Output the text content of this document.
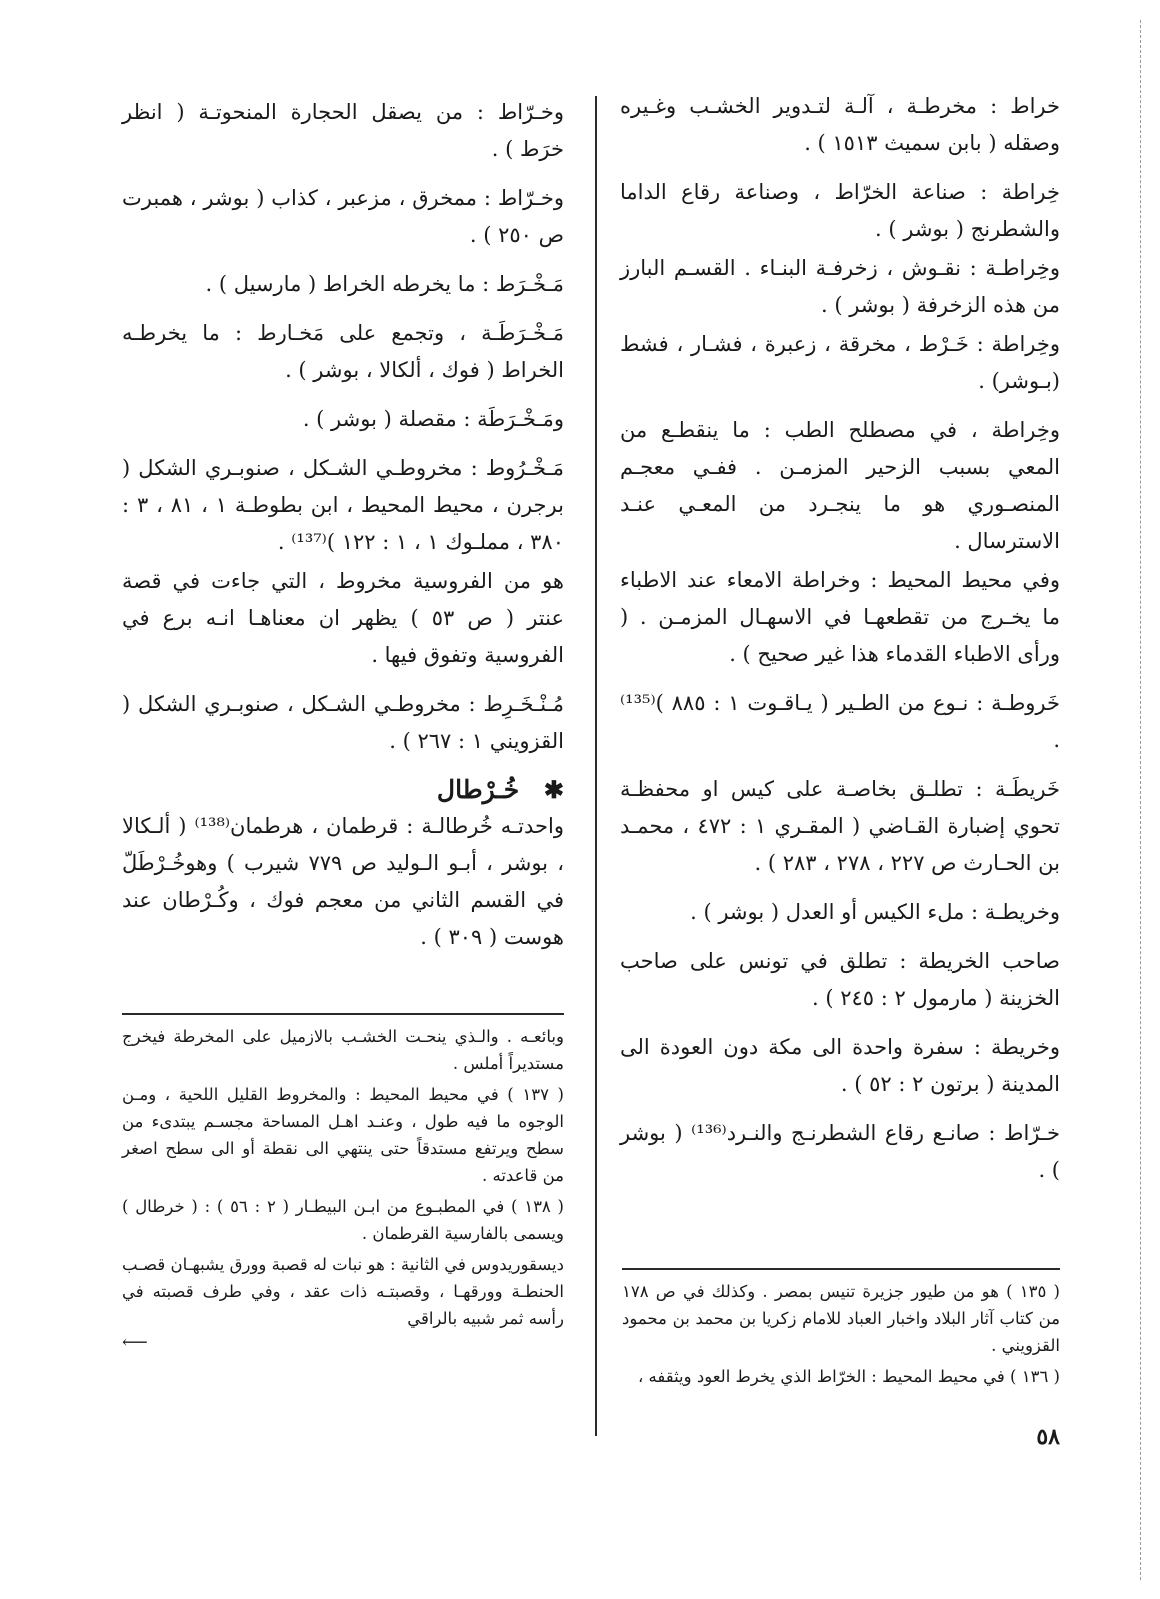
خراط : مخرطـة ، آلـة لتـدوير الخشـب وغـيره وصقله ( بابن سميث ١٥١٣ ) .

خِراطة : صناعة الخرّاط ، وصناعة رقاع الداما والشطرنج ( بوشر ) .

وخِراطـة : نقـوش ، زخرفـة البنـاء . القسـم البارز من هذه الزخرفة ( بوشر ) .

وخِراطة : خَـرْط ، مخرقة ، زعبرة ، فشـار ، فشط (بـوشر) .

وخِراطة ، في مصطلح الطب : ما ينقطـع من المعي بسبب الزحير المزمـن . ففـي معجـم المنصـوري هو ما ينجـرد من المعـي عنـد الاسترسال .

وفي محيط المحيط : وخراطة الامعاء عند الاطباء ما يخـرج من تقطعهـا في الاسهـال المزمـن . ( ورأى الاطباء القدماء هذا غير صحيح ) .

خَروطـة : نـوع من الطـير ( يـاقـوت ١ : ٨٨٥ )⁽¹³⁵⁾ .

خَريطَـة : تطلـق بخاصـة على كيس او محفظـة تحوي إضبارة القـاضي ( المقـري ١ : ٤٧٢ ، محمـد بن الحـارث ص ٢٢٧ ، ٢٧٨ ، ٢٨٣ ) .

وخريطـة : ملء الكيس أو العدل ( بوشر ) .

صاحب الخريطة : تطلق في تونس على صاحب الخزينة ( مارمول ٢ : ٢٤٥ ) .

وخريطة : سفرة واحدة الى مكة دون العودة الى المدينة ( برتون ٢ : ٥٢ ) .

خـرّاط : صانـع رقاع الشطرنـج والنـرد⁽¹³⁶⁾ ( بوشر ) .

وخـرّاط : من يصقل الحجارة المنحوتـة ( انظر خرَط ) .

وخـرّاط : ممخرق ، مزعبر ، كذاب ( بوشر ، همبرت ص ٢٥٠ ) .

مَـخْـرَط : ما يخرطه الخراط ( مارسيل ) .

مَـخْـرَطَـة ، وتجمع على مَخـارط : ما يخرطـه الخراط ( فوك ، ألكالا ، بوشر ) .

ومَـخْـرَطَة : مقصلة ( بوشر ) .

مَـخْـرُوط : مخروطـي الشـكل ، صنوبـري الشكل ( برجرن ، محيط المحيط ، ابن بطوطـة ١ ، ٨١ ، ٣ : ٣٨٠ ، مملـوك ١ ، ١ : ١٢٢ )⁽¹³⁷⁾ .

هو من الفروسية مخروط ، التي جاءت في قصة عنتر ( ص ٥٣ ) يظهر ان معناهـا انـه برع في الفروسية وتفوق فيها .

مُـنْـخَـرِط : مخروطـي الشـكل ، صنوبـري الشكل ( القزويني ١ : ٢٦٧ ) .

✱ خُـرْطال

واحدتـه خُرطالـة : قرطمان ، هرطمان⁽¹³⁸⁾ ( ألـكالا ، بوشر ، أبـو الـوليد ص ٧٧٩ شيرب ) وهوخُـرْطَلّ في القسم الثاني من معجم فوك ، وكُـرْطان عند هوست ( ٣٠٩ ) .

وبائعـه . والـذي ينحـت الخشـب بالازميل على المخرطة فيخرج مستديراً أملس .

( ١٣٧ ) في محيط المحيط : والمخروط القليل اللحية ، ومـن الوجوه ما فيه طول ، وعنـد اهـل المساحة مجسـم يبتدىء من سطح ويرتفع مستدقاً حتى ينتهي الى نقطة أو الى سطح اصغر من قاعدته .

( ١٣٨ ) في المطبـوع من ابـن البيطـار ( ٢ : ٥٦ ) : ( خرطال ) ويسمى بالفارسية القرطمان .

ديسقوريدوس في الثانية : هو نبات له قصبة وورق يشبهـان قصـب الحنطـة وورقهـا ، وقصبتـه ذات عقد ، وفي طرف قصبته في رأسه ثمر شبيه بالراقي

⟵

( ١٣٥ ) هو من طيور جزيرة تنيس بمصر . وكذلك في ص ١٧٨ من كتاب آثار البلاد واخبار العباد للامام زكريا بن محمد بن محمود القزويني .

( ١٣٦ ) في محيط المحيط : الخرّاط الذي يخرط العود ويثقفه ،

٥٨
